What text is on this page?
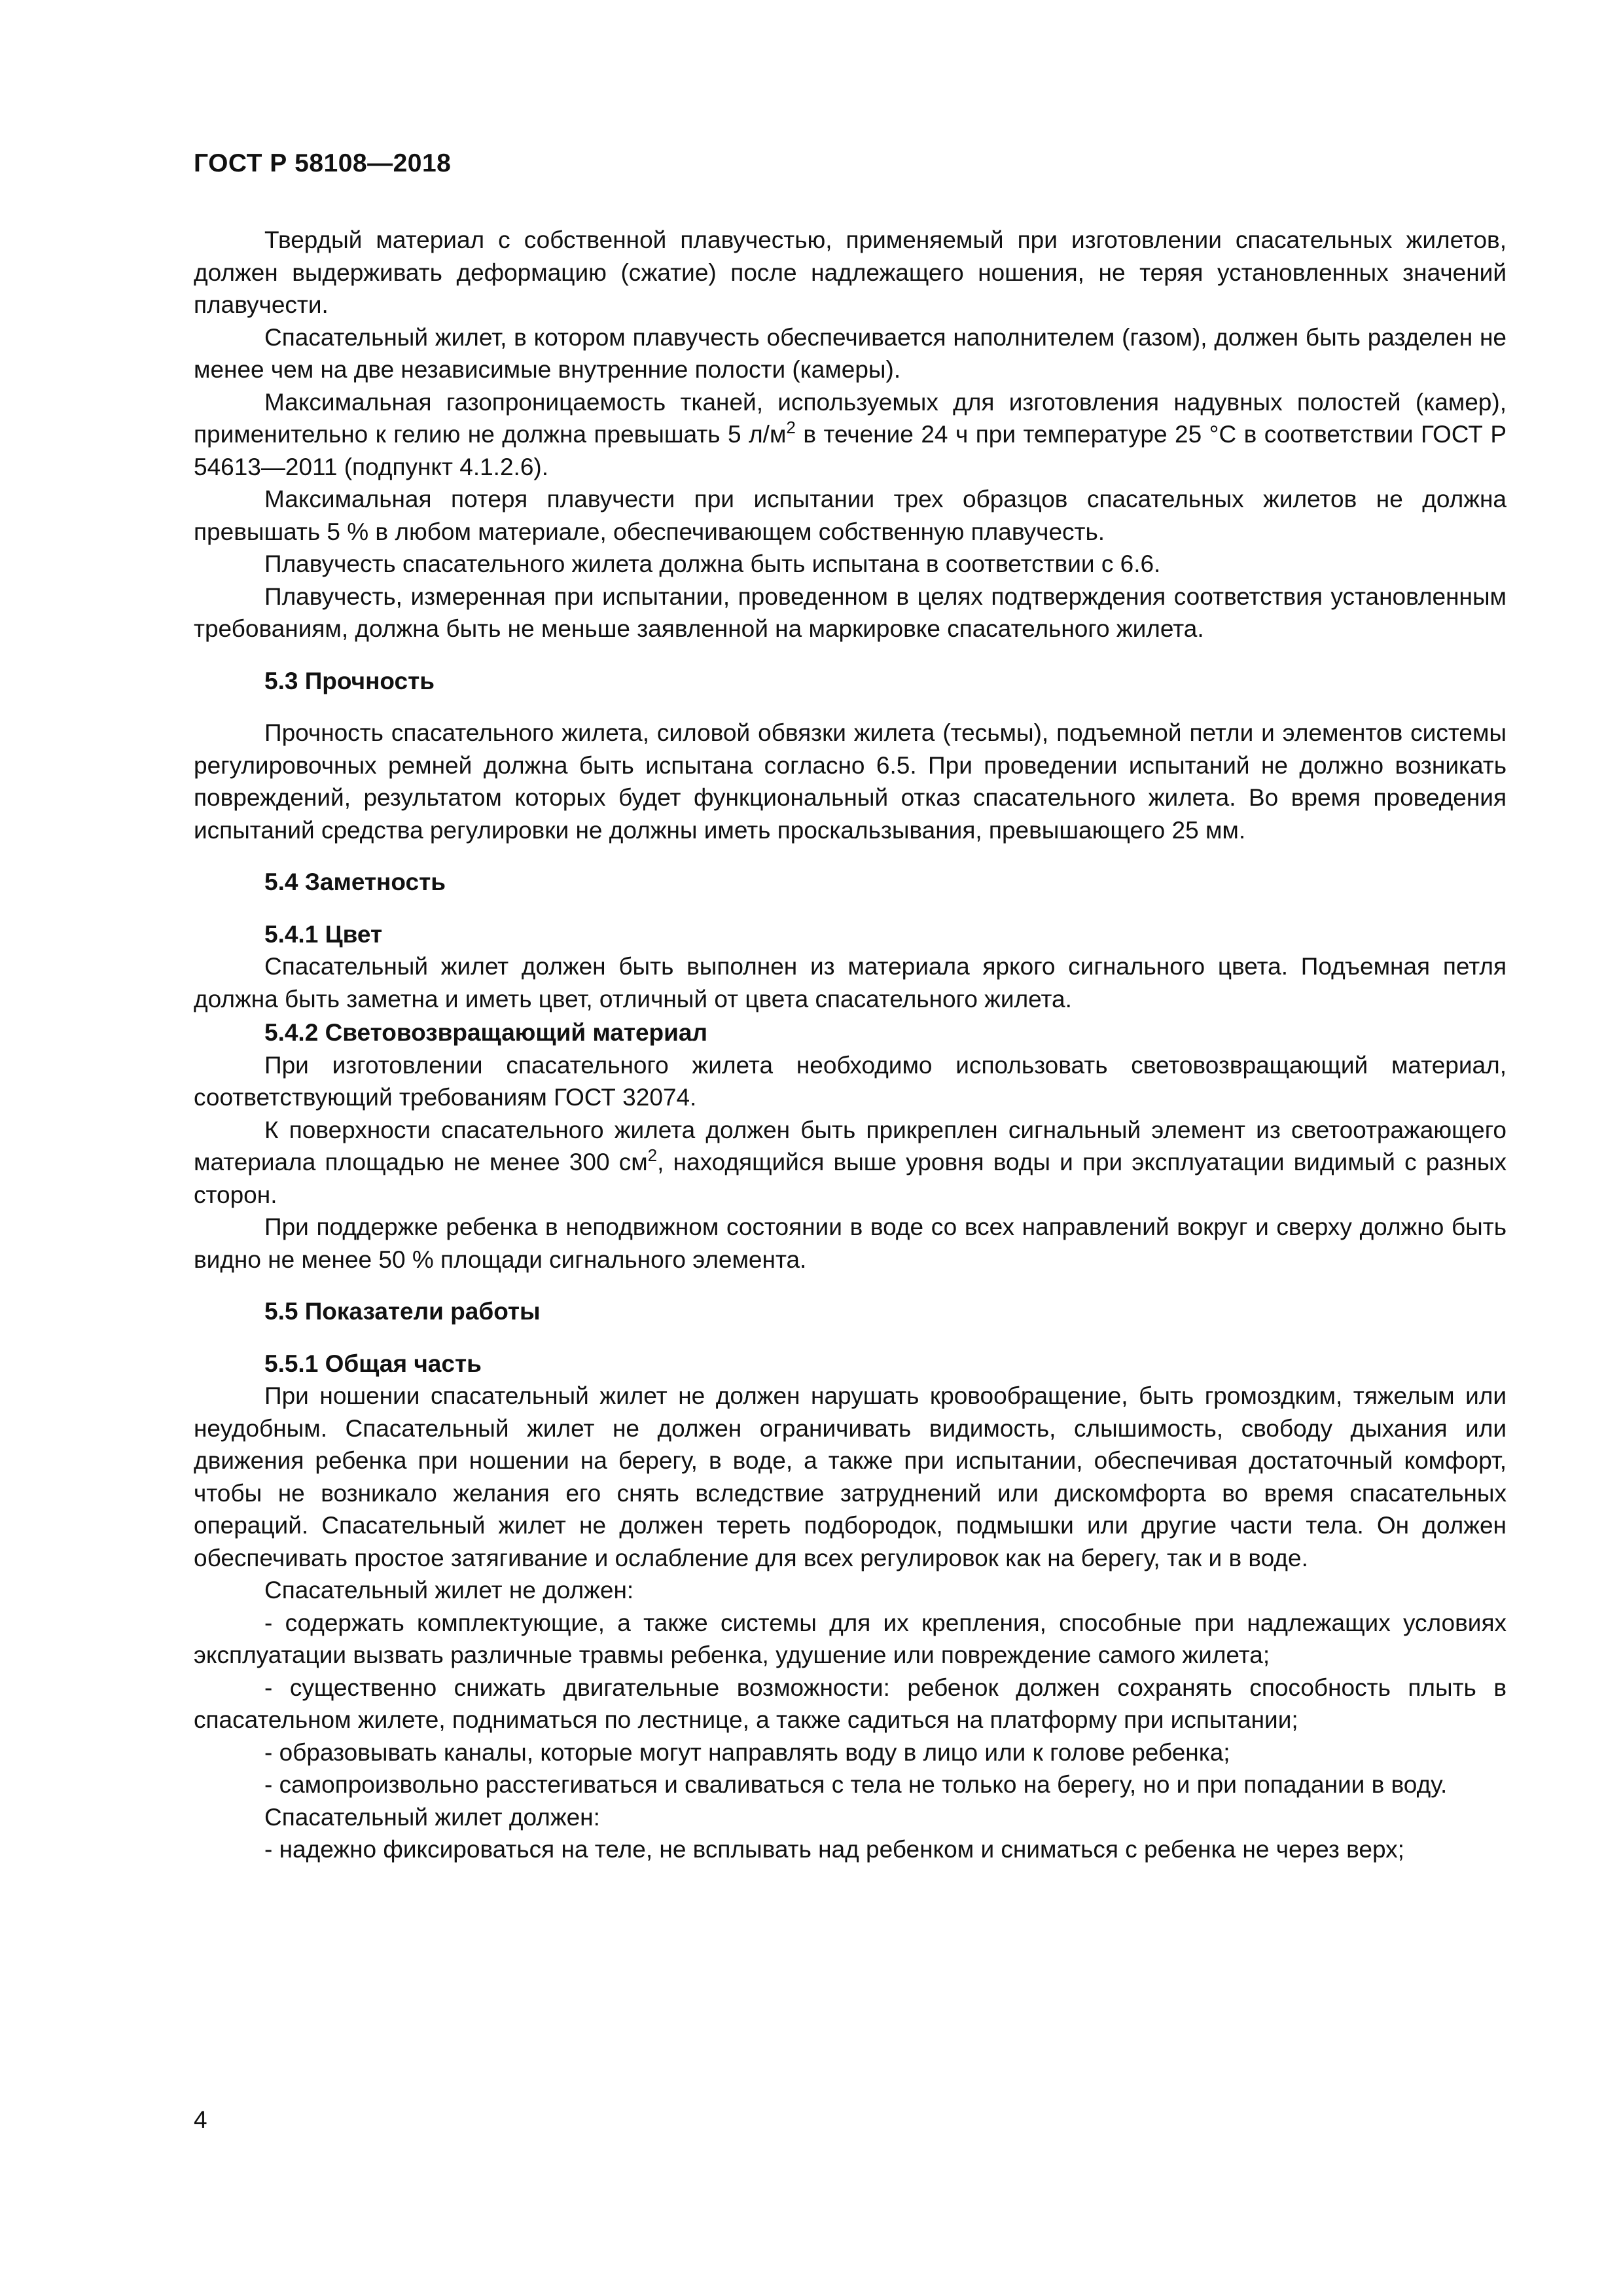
ГОСТ Р 58108—2018

Твердый материал с собственной плавучестью, применяемый при изготовлении спасательных жилетов, должен выдерживать деформацию (сжатие) после надлежащего ношения, не теряя установленных значений плавучести.

Спасательный жилет, в котором плавучесть обеспечивается наполнителем (газом), должен быть разделен не менее чем на две независимые внутренние полости (камеры).

Максимальная газопроницаемость тканей, используемых для изготовления надувных полостей (камер), применительно к гелию не должна превышать 5 $л/м^2$ в течение 24 ч при температуре 25 °С в соответствии ГОСТ Р 54613—2011 (подпункт 4.1.2.6).

Максимальная потеря плавучести при испытании трех образцов спасательных жилетов не должна превышать 5 % в любом материале, обеспечивающем собственную плавучесть.

Плавучесть спасательного жилета должна быть испытана в соответствии с 6.6.

Плавучесть, измеренная при испытании, проведенном в целях подтверждения соответствия установленным требованиям, должна быть не меньше заявленной на маркировке спасательного жилета.

5.3 Прочность

Прочность спасательного жилета, силовой обвязки жилета (тесьмы), подъемной петли и элементов системы регулировочных ремней должна быть испытана согласно 6.5. При проведении испытаний не должно возникать повреждений, результатом которых будет функциональный отказ спасательного жилета. Во время проведения испытаний средства регулировки не должны иметь проскальзывания, превышающего 25 мм.

5.4 Заметность

5.4.1 Цвет

Спасательный жилет должен быть выполнен из материала яркого сигнального цвета. Подъемная петля должна быть заметна и иметь цвет, отличный от цвета спасательного жилета.

5.4.2 Световозвращающий материал

При изготовлении спасательного жилета необходимо использовать световозвращающий материал, соответствующий требованиям ГОСТ 32074.

К поверхности спасательного жилета должен быть прикреплен сигнальный элемент из светоотражающего материала площадью не менее 300 $см^2$, находящийся выше уровня воды и при эксплуатации видимый с разных сторон.

При поддержке ребенка в неподвижном состоянии в воде со всех направлений вокруг и сверху должно быть видно не менее 50 % площади сигнального элемента.

5.5 Показатели работы

5.5.1 Общая часть

При ношении спасательный жилет не должен нарушать кровообращение, быть громоздким, тяжелым или неудобным. Спасательный жилет не должен ограничивать видимость, слышимость, свободу дыхания или движения ребенка при ношении на берегу, в воде, а также при испытании, обеспечивая достаточный комфорт, чтобы не возникало желания его снять вследствие затруднений или дискомфорта во время спасательных операций. Спасательный жилет не должен тереть подбородок, подмышки или другие части тела. Он должен обеспечивать простое затягивание и ослабление для всех регулировок как на берегу, так и в воде.

Спасательный жилет не должен:

- содержать комплектующие, а также системы для их крепления, способные при надлежащих условиях эксплуатации вызвать различные травмы ребенка, удушение или повреждение самого жилета;

- существенно снижать двигательные возможности: ребенок должен сохранять способность плыть в спасательном жилете, подниматься по лестнице, а также садиться на платформу при испытании;

- образовывать каналы, которые могут направлять воду в лицо или к голове ребенка;

- самопроизвольно расстегиваться и сваливаться с тела не только на берегу, но и при попадании в воду.

Спасательный жилет должен:

- надежно фиксироваться на теле, не всплывать над ребенком и сниматься с ребенка не через верх;

4
